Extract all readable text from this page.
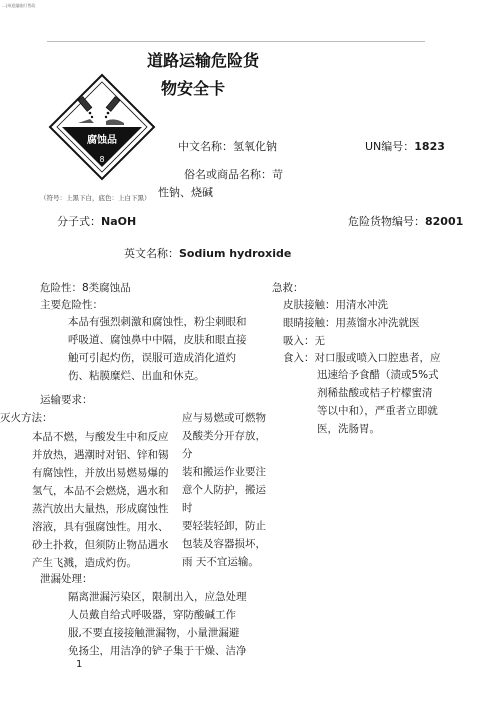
…|州迎编能叮售政
道路运输危险货
物安全卡
腐蚀品
8
（符号：上黑下白，底色：上白下黑）
中文名称：氢氧化钠	UN编号：1823
俗名或商品名称：苛
性钠、烧碱
分子式：NaOH	危险货物编号：82001
英文名称：Sodium hydroxide
危险性：8类腐蚀品
主要危险性：
本品有强烈刺激和腐蚀性，粉尘刺眼和
呼吸道、腐蚀鼻中中隔，皮肤和眼直接
触可引起灼伤，误服可造成消化道灼
伤、粘膜糜烂、出血和休克。
急救：
皮肤接触：用清水冲洗
眼睛接触：用蒸馏水冲洗就医
吸入：无
食入：对口服或喷入口腔患者，应
迅速给予食醋（渍或5%式
剂稀盐酸或桔子柠檬蜜清
等以中和），严重者立即就
医，洗肠胃。
运输要求：
灭火方法：
本品不燃，与酸发生中和反应
并放热，遇潮时对铝、锌和锡
有腐蚀性，并放出易燃易爆的
氢气，本品不会燃烧，遇水和
蒸汽放出大量热，形成腐蚀性
溶液，具有强腐蚀性。用水、
砂土扑救，但须防止物品遇水
产生飞溅，造成灼伤。
应与易燃或可燃物
及酸类分开存放，
分
装和搬运作业要注
意个人防护，搬运
时
要轻装轻卸，防止
包装及容器损坏，
雨 天不宜运输。
泄漏处理：
隔离泄漏污染区，限制出入，应急处理
人员戴自给式呼吸器，穿防酸碱工作
服,不要直接接触泄漏物，小量泄漏避
免扬尘，用洁净的铲子集于干燥、洁净
1
